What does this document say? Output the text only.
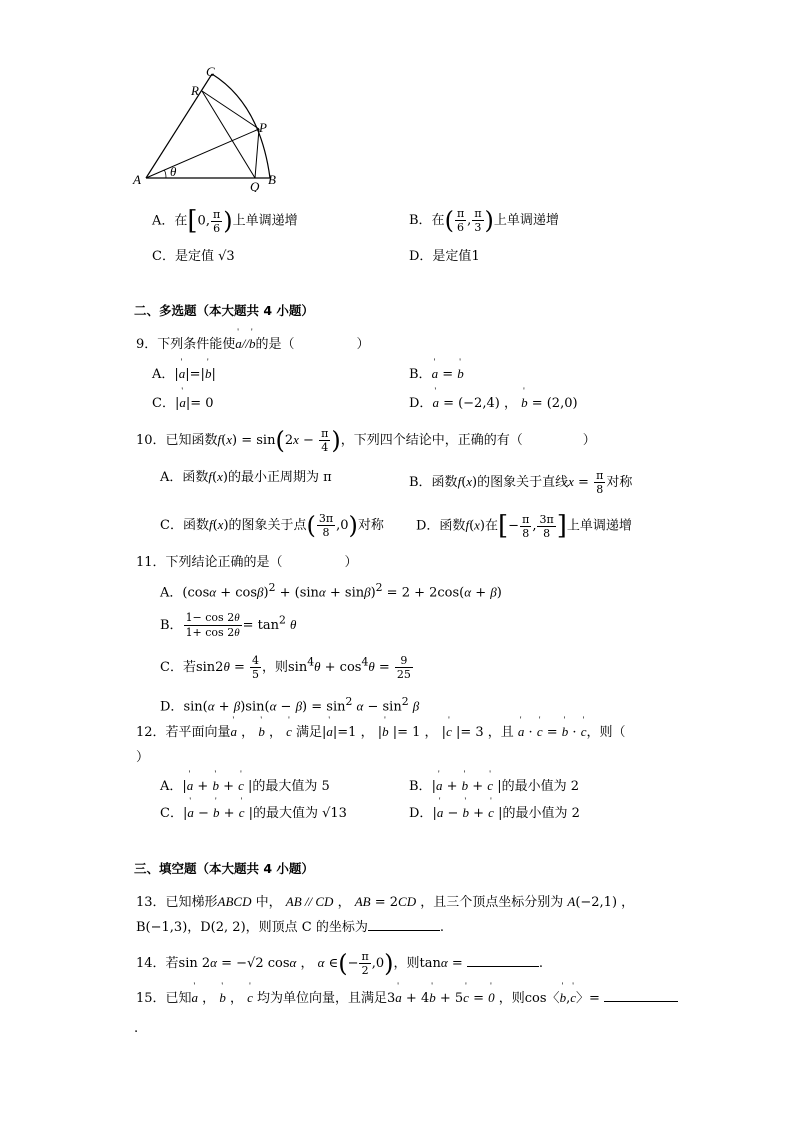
C
R
P
A
θ
Q B
A．在[0, $\frac{\pi}{6}$ )上单调递增	B．在( $\frac{\pi}{6}$ , $\frac{\pi}{3}$ )上单调递增
C．是定值 √3	D．是定值1
二、多选题（本大题共 4 小题）
9．下列条件能使' a//' b的是（	）
A．|' a|=|' b|	B．' a = ' b
C．|' a|= 0	D．' a = (−2,4) ， ' b = (2,0)
10．已知函数$f(x) = \sin(2x - \frac{\pi}{4}$ )，下列四个结论中，正确的有（	）
A．函数f(x)的最小正周期为 π	B．函数f(x)的图象关于直线$x = \frac{\pi}{8}$ 对称
C．函数f(x)的图象关于点( $\frac{3\pi}{8} ,0$)对称 D．函数f(x)在[− $\frac{\pi}{8}$ , $\frac{3\pi}{8}$ ]上单调递增
11．下列结论正确的是（	）
A．$(\cos\alpha + \cos\beta)^2 + (\sin\alpha + \sin\beta)^2 = 2 + 2\cos(\alpha + \beta)$
B． $\frac{1- \cos 2\theta}{1+ \cos 2\theta} = \tan^2 \theta$
C．若$\sin 2\theta = \frac{4}{5}$ ，则$\sin^4\theta + \cos^4\theta = \frac{9}{25}$
D．$\sin(\alpha + \beta)\sin(\alpha - \beta) = \sin^2 \alpha - \sin^2 \beta$
12．若平面向量' a ， ' b ， ' c 满足|' a|=1 ， |' b |= 1 ， |' c |= 3 ，且 ' a · ' c = ' b · ' c，则（
）
A．|' a + ' b + ' c |的最大值为 5	B．|' a + ' b + ' c |的最小值为 2
C．|' a − ' b + ' c |的最大值为 √13	D．|' a − ' b + ' c |的最小值为 2
三、填空题（本大题共 4 小题）
13．已知梯形ABCD 中， AB // CD ， AB = 2CD ，且三个顶点坐标分别为 A(−2,1) ，
B(−1,3)，D(2, 2)，则顶点 C 的坐标为	.
14．若sin 2α = −√2 cosα ， α ∈(− $\frac{\pi}{2} ,0$)，则tanα =	.
15．已知' a ， ' b ， ' c 均为单位向量，且满足3' a + 4' b + 5' c = ' 0 ，则cos〈' b,' c〉=
.
